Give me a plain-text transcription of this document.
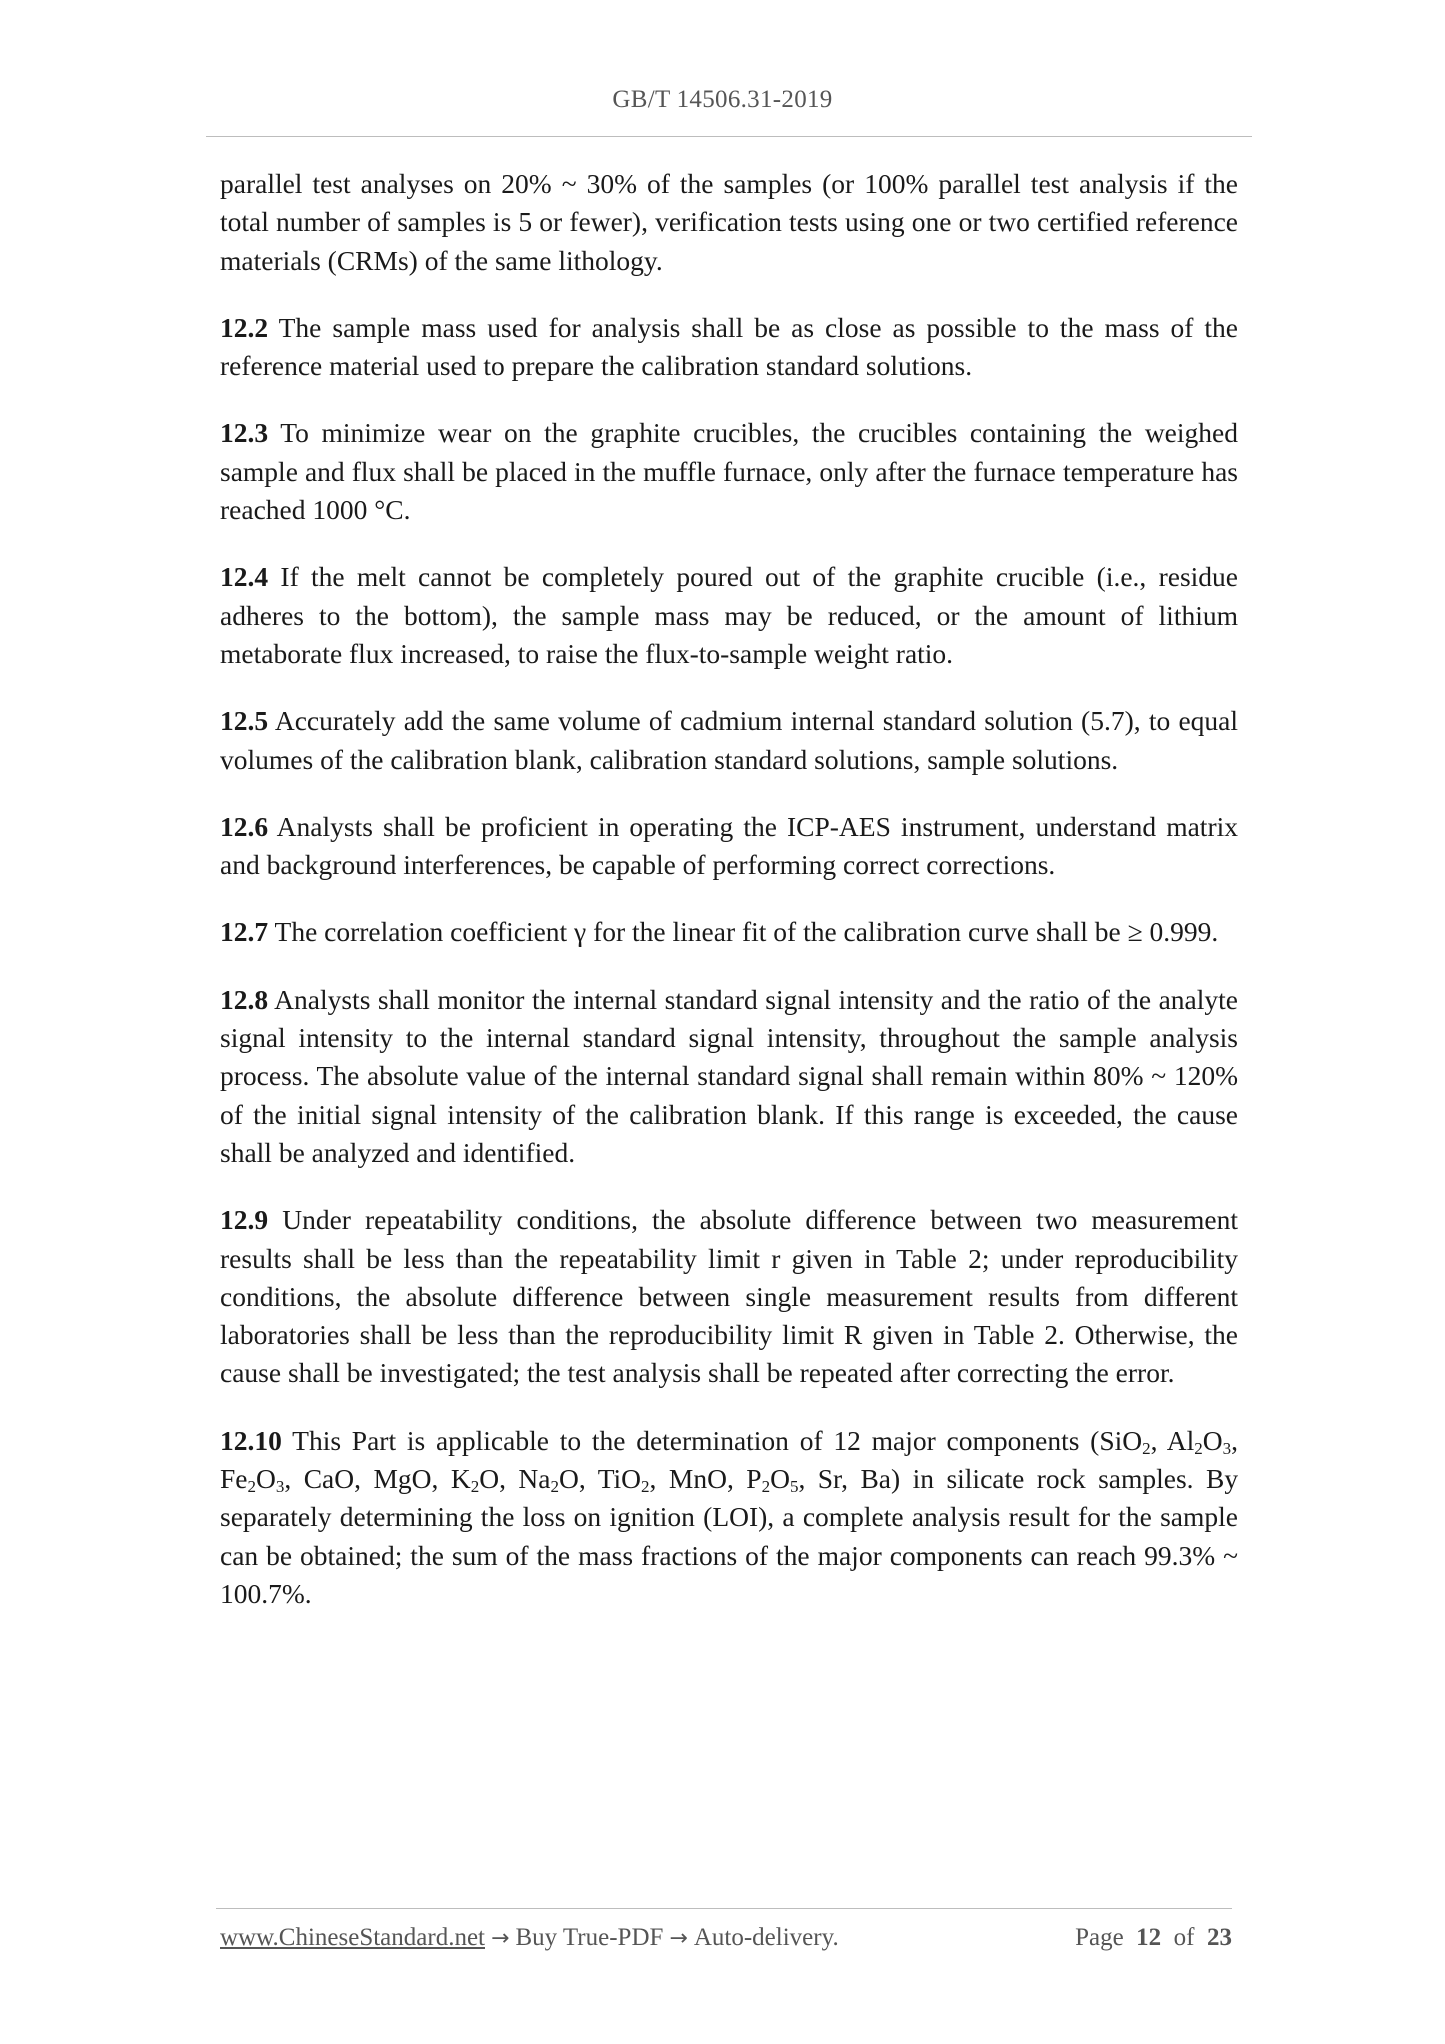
GB/T 14506.31-2019

parallel test analyses on 20% ~ 30% of the samples (or 100% parallel test analysis if the total number of samples is 5 or fewer), verification tests using one or two certified reference materials (CRMs) of the same lithology.

12.2 The sample mass used for analysis shall be as close as possible to the mass of the reference material used to prepare the calibration standard solutions.

12.3 To minimize wear on the graphite crucibles, the crucibles containing the weighed sample and flux shall be placed in the muffle furnace, only after the furnace temperature has reached 1000 °C.

12.4 If the melt cannot be completely poured out of the graphite crucible (i.e., residue adheres to the bottom), the sample mass may be reduced, or the amount of lithium metaborate flux increased, to raise the flux-to-sample weight ratio.

12.5 Accurately add the same volume of cadmium internal standard solution (5.7), to equal volumes of the calibration blank, calibration standard solutions, sample solutions.

12.6 Analysts shall be proficient in operating the ICP-AES instrument, understand matrix and background interferences, be capable of performing correct corrections.

12.7 The correlation coefficient γ for the linear fit of the calibration curve shall be ≥ 0.999.

12.8 Analysts shall monitor the internal standard signal intensity and the ratio of the analyte signal intensity to the internal standard signal intensity, throughout the sample analysis process. The absolute value of the internal standard signal shall remain within 80% ~ 120% of the initial signal intensity of the calibration blank. If this range is exceeded, the cause shall be analyzed and identified.

12.9 Under repeatability conditions, the absolute difference between two measurement results shall be less than the repeatability limit r given in Table 2; under reproducibility conditions, the absolute difference between single measurement results from different laboratories shall be less than the reproducibility limit R given in Table 2. Otherwise, the cause shall be investigated; the test analysis shall be repeated after correcting the error.

12.10 This Part is applicable to the determination of 12 major components (SiO$_2$, $Al_2O_3$, $Fe_2O_3$, CaO, MgO, $K_2O$, $Na_2O$, TiO$_2$, MnO, $P_2O_5$, Sr, Ba) in silicate rock samples. By separately determining the loss on ignition (LOI), a complete analysis result for the sample can be obtained; the sum of the mass fractions of the major components can reach 99.3% ~ 100.7%.

www.ChineseStandard.net → Buy True-PDF → Auto-delivery.	Page 12 of 23
